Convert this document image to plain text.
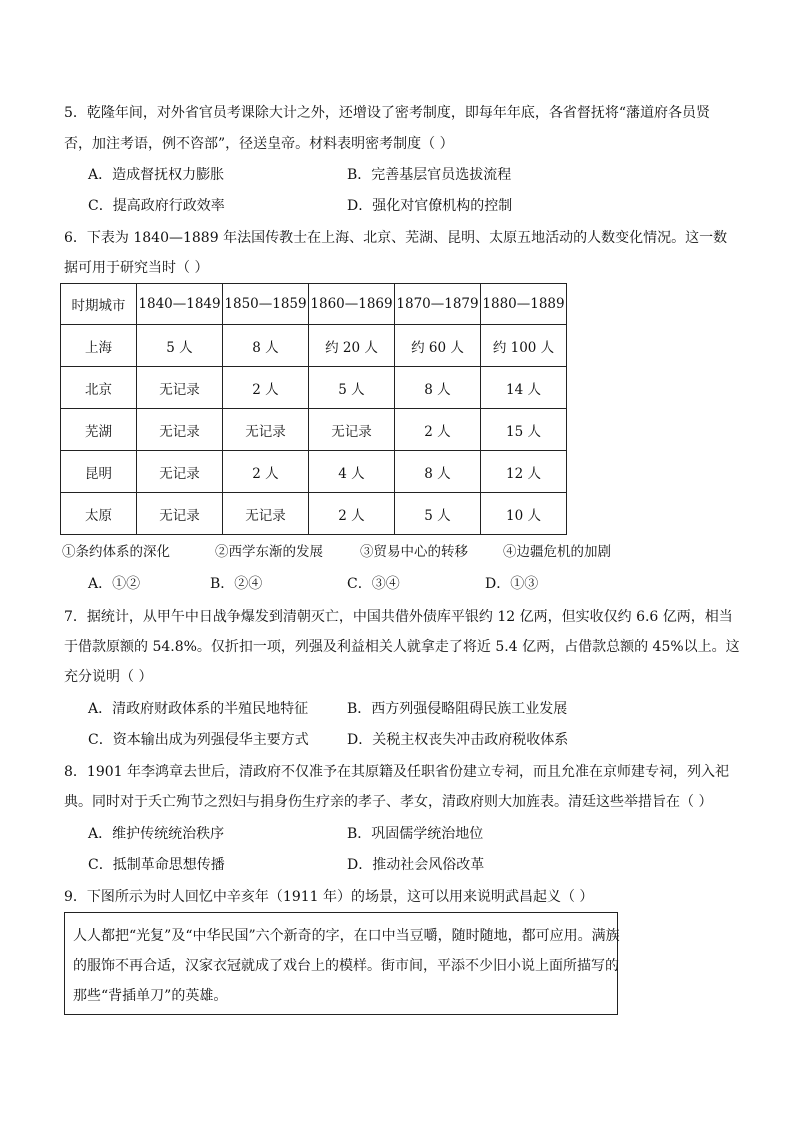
5．乾隆年间，对外省官员考课除大计之外，还增设了密考制度，即每年年底，各省督抚将“藩道府各员贤
否，加注考语，例不咨部”，径送皇帝。材料表明密考制度（ ）
A．造成督抚权力膨胀	B．完善基层官员选拔流程
C．提高政府行政效率	D．强化对官僚机构的控制
6．下表为 1840—1889 年法国传教士在上海、北京、芜湖、昆明、太原五地活动的人数变化情况。这一数
据可用于研究当时（ ）
时期城市	1840—1849	1850—1859	1860—1869	1870—1879	1880—1889
上海	5 人	8 人	约 20 人	约 60 人	约 100 人
北京	无记录	2 人	5 人	8 人	14 人
芜湖	无记录	无记录	无记录	2 人	15 人
昆明	无记录	2 人	4 人	8 人	12 人
太原	无记录	无记录	2 人	5 人	10 人
①条约体系的深化	②西学东渐的发展	③贸易中心的转移	④边疆危机的加剧
A．①②	B．②④	C．③④	D．①③
7．据统计，从甲午中日战争爆发到清朝灭亡，中国共借外债库平银约 12 亿两，但实收仅约 6.6 亿两，相当
于借款原额的 54.8%。仅折扣一项，列强及利益相关人就拿走了将近 5.4 亿两，占借款总额的 45%以上。这
充分说明（ ）
A．清政府财政体系的半殖民地特征	B．西方列强侵略阻碍民族工业发展
C．资本输出成为列强侵华主要方式	D．关税主权丧失冲击政府税收体系
8．1901 年李鸿章去世后，清政府不仅准予在其原籍及任职省份建立专祠，而且允准在京师建专祠，列入祀
典。同时对于夭亡殉节之烈妇与捐身伤生疗亲的孝子、孝女，清政府则大加旌表。清廷这些举措旨在（ ）
A．维护传统统治秩序	B．巩固儒学统治地位
C．抵制革命思想传播	D．推动社会风俗改革
9．下图所示为时人回忆中辛亥年（1911 年）的场景，这可以用来说明武昌起义（ ）
人人都把“光复”及“中华民国”六个新奇的字，在口中当豆嚼，随时随地，都可应用。满族
的服饰不再合适，汉家衣冠就成了戏台上的模样。街市间，平添不少旧小说上面所描写的
那些“背插单刀”的英雄。
